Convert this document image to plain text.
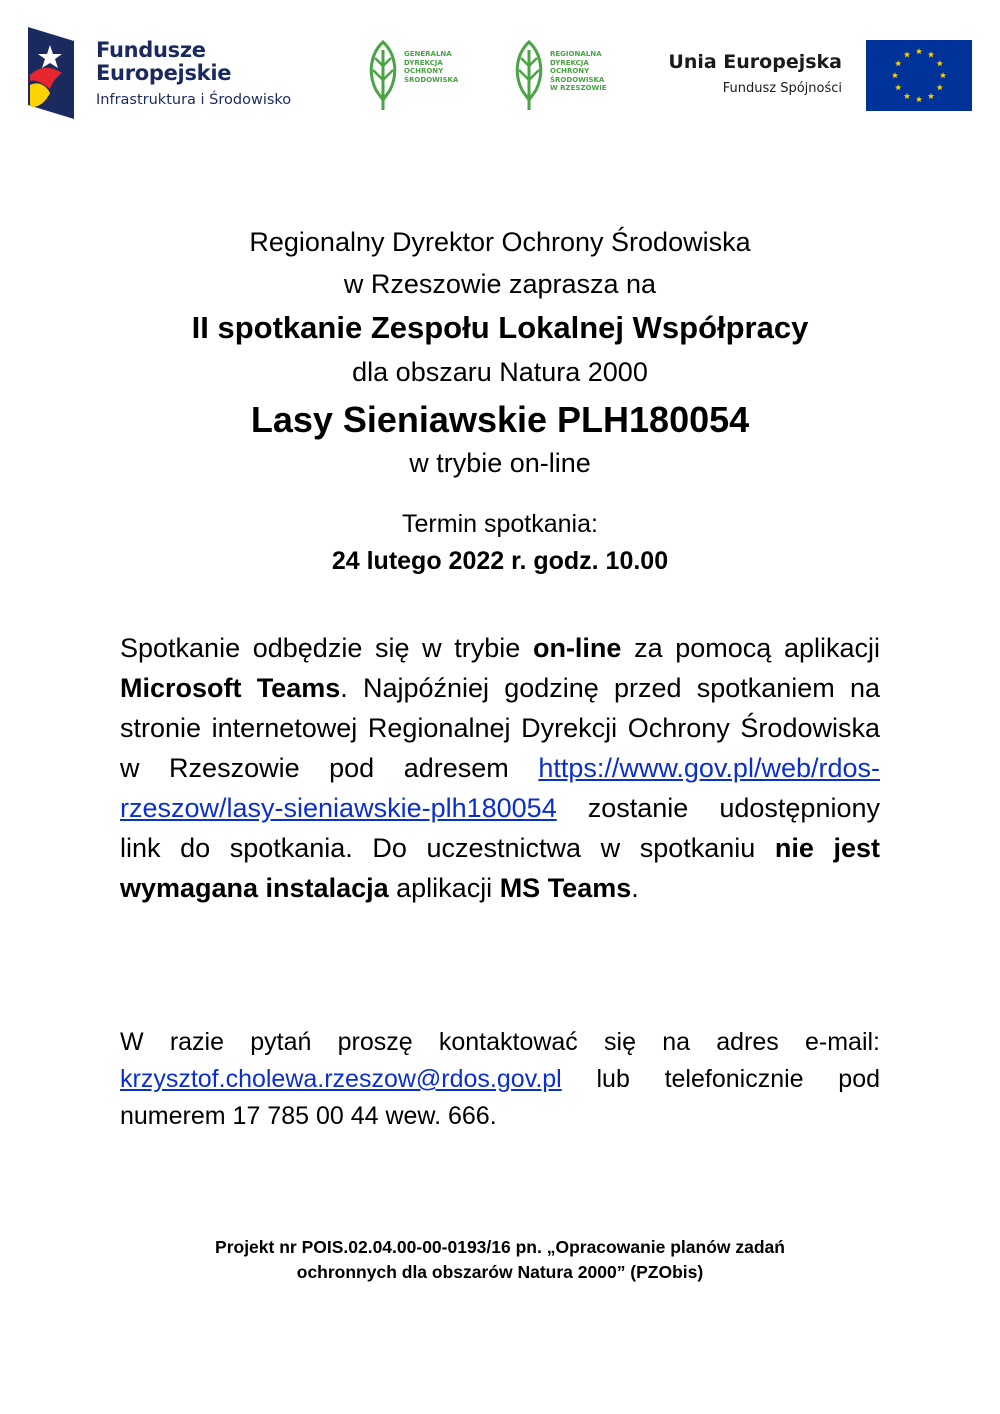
Fundusze
Europejskie
Infrastruktura i Środowisko
GENERALNA
DYREKCJA
OCHRONY
ŚRODOWISKA
REGIONALNA
DYREKCJA
OCHRONY
ŚRODOWISKA
W RZESZOWIE
Unia Europejska
Fundusz Spójności
Regionalny Dyrektor Ochrony Środowiska
w Rzeszowie zaprasza na
II spotkanie Zespołu Lokalnej Współpracy
dla obszaru Natura 2000
Lasy Sieniawskie PLH180054
w trybie on-line
Termin spotkania:
24 lutego 2022 r. godz. 10.00
Spotkanie odbędzie się w trybie on-line za pomocą aplikacji Microsoft Teams. Najpóźniej godzinę przed spotkaniem na stronie internetowej Regionalnej Dyrekcji Ochrony Środowiska w Rzeszowie pod adresem https://www.gov.pl/web/rdos-rzeszow/lasy-sieniawskie-plh180054 zostanie udostępniony link do spotkania. Do uczestnictwa w spotkaniu nie jest wymagana instalacja aplikacji MS Teams.
W razie pytań proszę kontaktować się na adres e-mail: krzysztof.cholewa.rzeszow@rdos.gov.pl lub telefonicznie pod numerem 17 785 00 44 wew. 666.
Projekt nr POIS.02.04.00-00-0193/16 pn. „Opracowanie planów zadań
ochronnych dla obszarów Natura 2000” (PZObis)
